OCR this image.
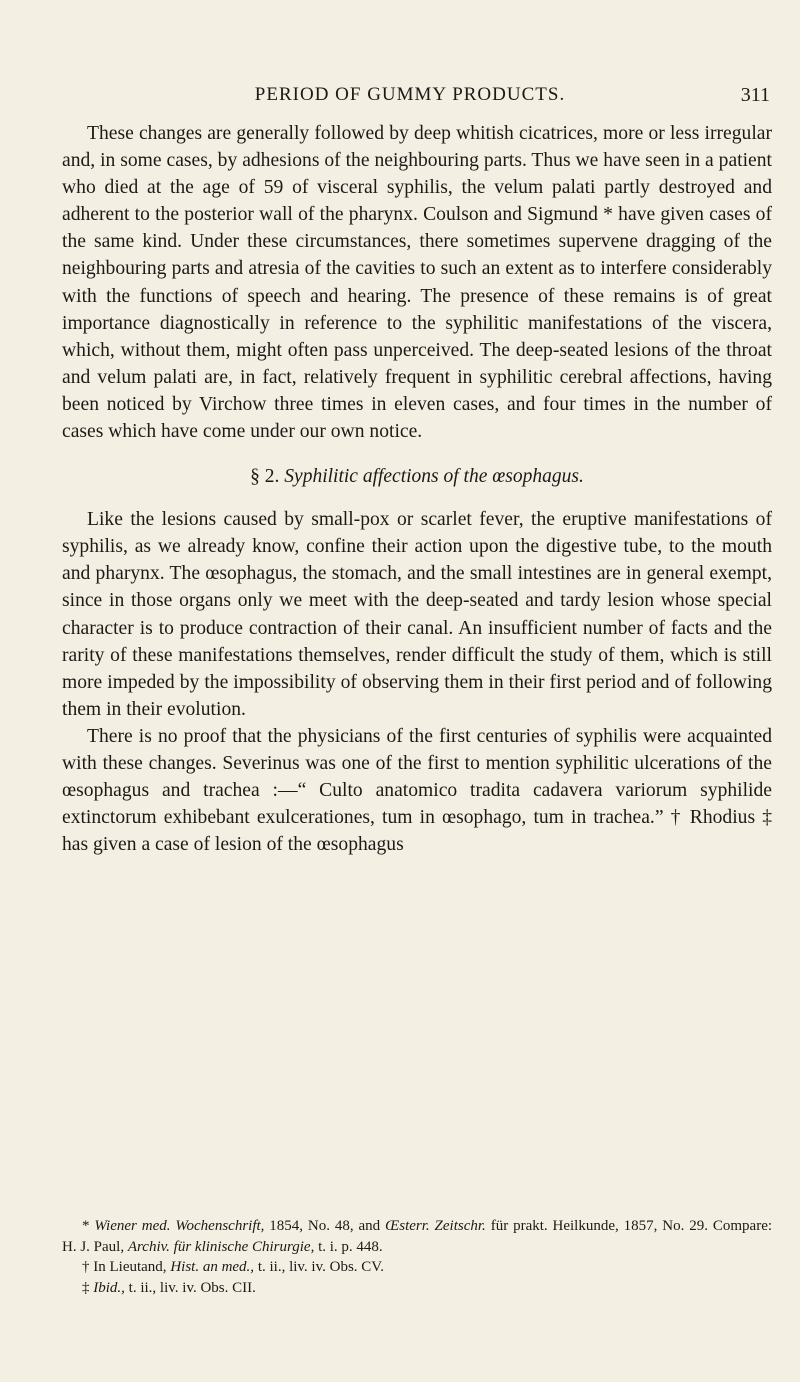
PERIOD OF GUMMY PRODUCTS.	311

These changes are generally followed by deep whitish cicatrices, more or less irregular and, in some cases, by adhesions of the neighbouring parts. Thus we have seen in a patient who died at the age of 59 of visceral syphilis, the velum palati partly destroyed and adherent to the posterior wall of the pharynx. Coulson and Sigmund * have given cases of the same kind. Under these circumstances, there sometimes supervene dragging of the neighbouring parts and atresia of the cavities to such an extent as to interfere considerably with the functions of speech and hearing. The presence of these remains is of great importance diagnostically in reference to the syphilitic manifestations of the viscera, which, without them, might often pass unperceived. The deep-seated lesions of the throat and velum palati are, in fact, relatively frequent in syphilitic cerebral affections, having been noticed by Virchow three times in eleven cases, and four times in the number of cases which have come under our own notice.

§ 2. Syphilitic affections of the œsophagus.

Like the lesions caused by small-pox or scarlet fever, the eruptive manifestations of syphilis, as we already know, confine their action upon the digestive tube, to the mouth and pharynx. The œsophagus, the stomach, and the small intestines are in general exempt, since in those organs only we meet with the deep-seated and tardy lesion whose special character is to produce contraction of their canal. An insufficient number of facts and the rarity of these manifestations themselves, render difficult the study of them, which is still more impeded by the impossibility of observing them in their first period and of following them in their evolution.

There is no proof that the physicians of the first centuries of syphilis were acquainted with these changes. Severinus was one of the first to mention syphilitic ulcerations of the œsophagus and trachea :—“ Culto anatomico tradita cadavera variorum syphilide extinctorum exhibebant exulcerationes, tum in œsophago, tum in trachea.” † Rhodius ‡ has given a case of lesion of the œsophagus

* Wiener med. Wochenschrift, 1854, No. 48, and Œsterr. Zeitschr. für prakt. Heilkunde, 1857, No. 29. Compare: H. J. Paul, Archiv. für klinische Chirurgie, t. i. p. 448.

† In Lieutand, Hist. an med., t. ii., liv. iv. Obs. CV.

‡ Ibid., t. ii., liv. iv. Obs. CII.
